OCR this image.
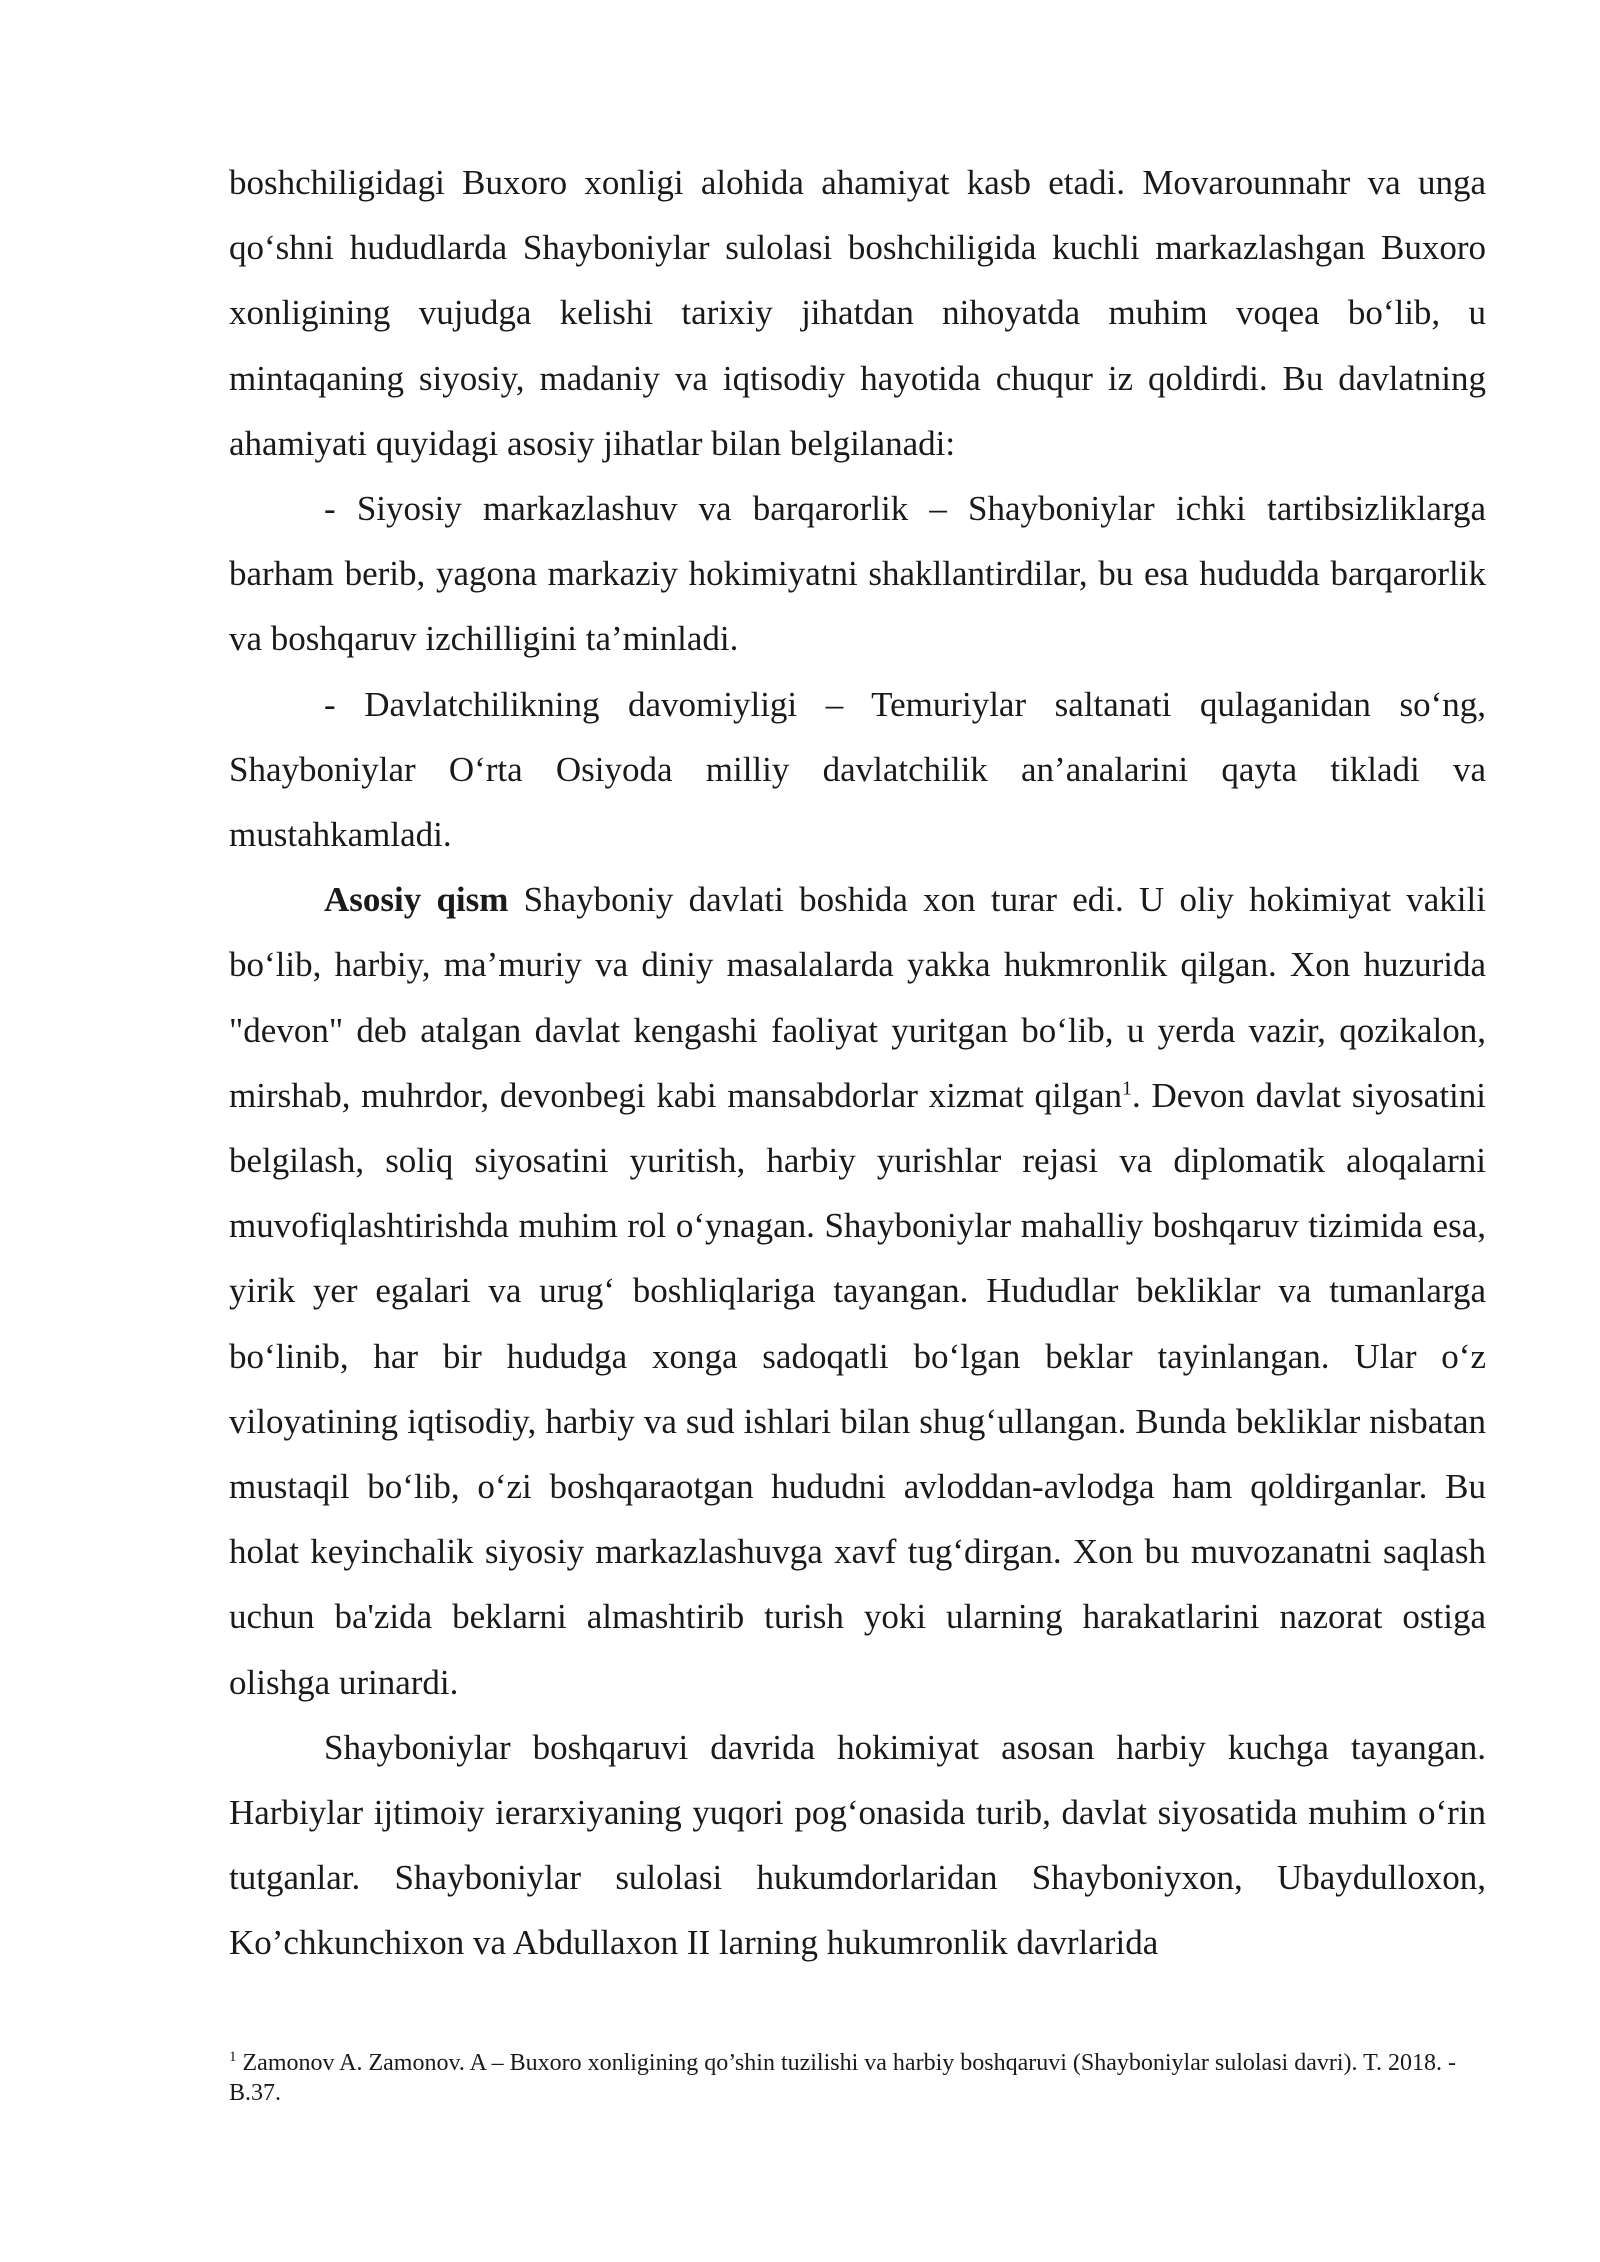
boshchiligidagi Buxoro xonligi alohida ahamiyat kasb etadi. Movarounnahr va unga qo‘shni hududlarda Shayboniylar sulolasi boshchiligida kuchli markazlashgan Buxoro xonligining vujudga kelishi tarixiy jihatdan nihoyatda muhim voqea bo‘lib, u mintaqaning siyosiy, madaniy va iqtisodiy hayotida chuqur iz qoldirdi. Bu davlatning ahamiyati quyidagi asosiy jihatlar bilan belgilanadi:

- Siyosiy markazlashuv va barqarorlik – Shayboniylar ichki tartibsizliklarga barham berib, yagona markaziy hokimiyatni shakllantirdilar, bu esa hududda barqarorlik va boshqaruv izchilligini ta’minladi.

- Davlatchilikning davomiyligi – Temuriylar saltanati qulaganidan so‘ng, Shayboniylar O‘rta Osiyoda milliy davlatchilik an’analarini qayta tikladi va mustahkamladi.

Asosiy qism Shayboniy davlati boshida xon turar edi. U oliy hokimiyat vakili bo‘lib, harbiy, ma’muriy va diniy masalalarda yakka hukmronlik qilgan. Xon huzurida "devon" deb atalgan davlat kengashi faoliyat yuritgan bo‘lib, u yerda vazir, qozikalon, mirshab, muhrdor, devonbegi kabi mansabdorlar xizmat qilgan$^1$. Devon davlat siyosatini belgilash, soliq siyosatini yuritish, harbiy yurishlar rejasi va diplomatik aloqalarni muvofiqlashtirishda muhim rol o‘ynagan. Shayboniylar mahalliy boshqaruv tizimida esa, yirik yer egalari va urug‘ boshliqlariga tayangan. Hududlar bekliklar va tumanlarga bo‘linib, har bir hududga xonga sadoqatli bo‘lgan beklar tayinlangan. Ular o‘z viloyatining iqtisodiy, harbiy va sud ishlari bilan shug‘ullangan. Bunda bekliklar nisbatan mustaqil bo‘lib, o‘zi boshqaraotgan hududni avloddan-avlodga ham qoldirganlar. Bu holat keyinchalik siyosiy markazlashuvga xavf tug‘dirgan. Xon bu muvozanatni saqlash uchun ba'zida beklarni almashtirib turish yoki ularning harakatlarini nazorat ostiga olishga urinardi.

Shayboniylar boshqaruvi davrida hokimiyat asosan harbiy kuchga tayangan. Harbiylar ijtimoiy ierarxiyaning yuqori pog‘onasida turib, davlat siyosatida muhim o‘rin tutganlar. Shayboniylar sulolasi hukumdorlaridan Shayboniyxon, Ubaydulloxon, Ko’chkunchixon va Abdullaxon II larning hukumronlik davrlarida

$^1$ Zamonov A. Zamonov. A – Buxoro xonligining qo’shin tuzilishi va harbiy boshqaruvi (Shayboniylar sulolasi davri). T. 2018. - B.37.
